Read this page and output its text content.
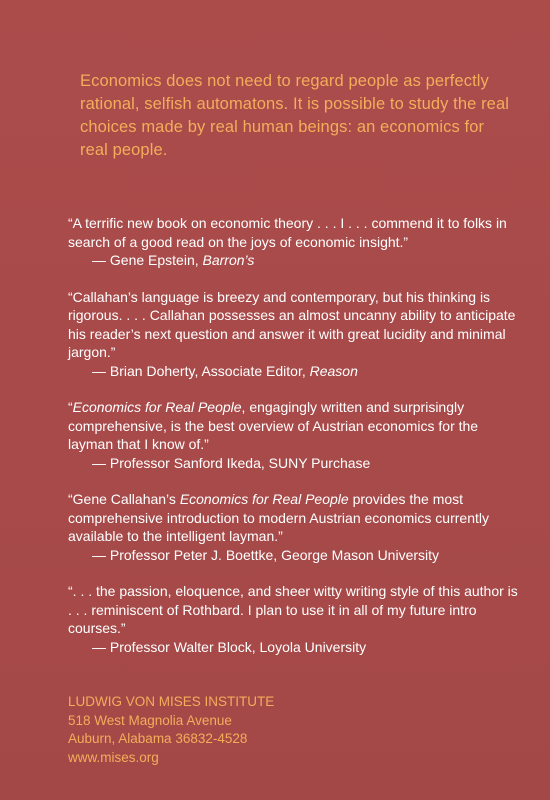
Economics does not need to regard people as perfectly rational, selfish automatons. It is possible to study the real choices made by real human beings: an economics for real people.

“A terrific new book on economic theory . . . I . . . commend it to folks in search of a good read on the joys of economic insight.”

— Gene Epstein, Barron’s

“Callahan’s language is breezy and contemporary, but his thinking is rigorous. . . . Callahan possesses an almost uncanny ability to anticipate his reader’s next question and answer it with great lucidity and minimal jargon.”

— Brian Doherty, Associate Editor, Reason

“Economics for Real People, engagingly written and surprisingly comprehensive, is the best overview of Austrian economics for the layman that I know of.”

— Professor Sanford Ikeda, SUNY Purchase

“Gene Callahan’s Economics for Real People provides the most comprehensive introduction to modern Austrian economics currently available to the intelligent layman.”

— Professor Peter J. Boettke, George Mason University

“. . . the passion, eloquence, and sheer witty writing style of this author is . . . reminiscent of Rothbard. I plan to use it in all of my future intro courses.”

— Professor Walter Block, Loyola University

LUDWIG VON MISES INSTITUTE
518 West Magnolia Avenue
Auburn, Alabama 36832-4528
www.mises.org
